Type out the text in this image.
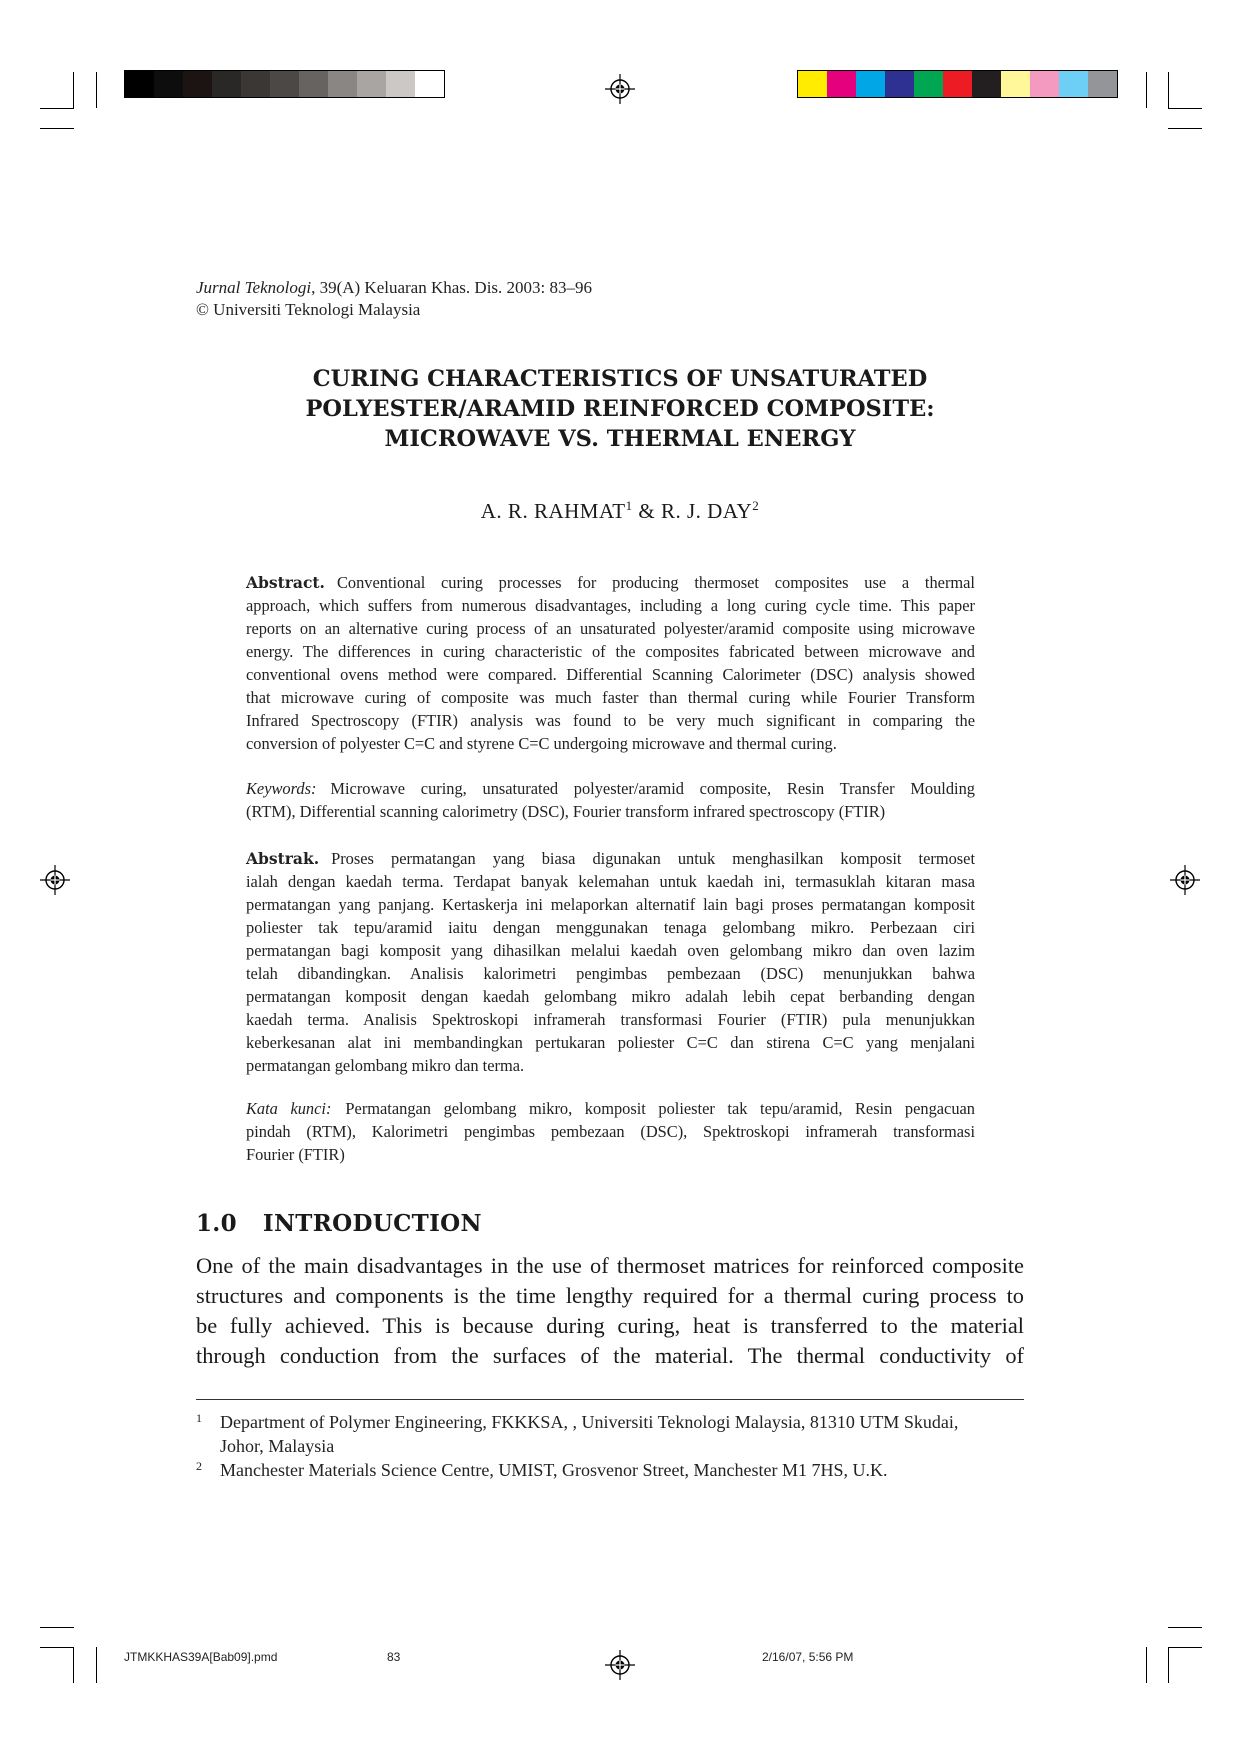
Jurnal Teknologi, 39(A) Keluaran Khas. Dis. 2003: 83–96
© Universiti Teknologi Malaysia
CURING CHARACTERISTICS OF UNSATURATED
POLYESTER/ARAMID REINFORCED COMPOSITE:
MICROWAVE VS. THERMAL ENERGY
A. R. RAHMAT$^1$ & R. J. DAY$^2$
Abstract. Conventional curing processes for producing thermoset composites use a thermal
approach, which suffers from numerous disadvantages, including a long curing cycle time. This paper
reports on an alternative curing process of an unsaturated polyester/aramid composite using microwave
energy. The differences in curing characteristic of the composites fabricated between microwave and
conventional ovens method were compared. Differential Scanning Calorimeter (DSC) analysis showed
that microwave curing of composite was much faster than thermal curing while Fourier Transform
Infrared Spectroscopy (FTIR) analysis was found to be very much significant in comparing the
conversion of polyester C=C and styrene C=C undergoing microwave and thermal curing.
Keywords: Microwave curing, unsaturated polyester/aramid composite, Resin Transfer Moulding
(RTM), Differential scanning calorimetry (DSC), Fourier transform infrared spectroscopy (FTIR)
Abstrak. Proses permatangan yang biasa digunakan untuk menghasilkan komposit termoset
ialah dengan kaedah terma. Terdapat banyak kelemahan untuk kaedah ini, termasuklah kitaran masa
permatangan yang panjang. Kertaskerja ini melaporkan alternatif lain bagi proses permatangan komposit
poliester tak tepu/aramid iaitu dengan menggunakan tenaga gelombang mikro. Perbezaan ciri
permatangan bagi komposit yang dihasilkan melalui kaedah oven gelombang mikro dan oven lazim
telah dibandingkan. Analisis kalorimetri pengimbas pembezaan (DSC) menunjukkan bahwa
permatangan komposit dengan kaedah gelombang mikro adalah lebih cepat berbanding dengan
kaedah terma. Analisis Spektroskopi inframerah transformasi Fourier (FTIR) pula menunjukkan
keberkesanan alat ini membandingkan pertukaran poliester C=C dan stirena C=C yang menjalani
permatangan gelombang mikro dan terma.
Kata kunci: Permatangan gelombang mikro, komposit poliester tak tepu/aramid, Resin pengacuan
pindah (RTM), Kalorimetri pengimbas pembezaan (DSC), Spektroskopi inframerah transformasi
Fourier (FTIR)
1.0 INTRODUCTION
One of the main disadvantages in the use of thermoset matrices for reinforced composite
structures and components is the time lengthy required for a thermal curing process to
be fully achieved. This is because during curing, heat is transferred to the material
through conduction from the surfaces of the material. The thermal conductivity of
1 Department of Polymer Engineering, FKKKSA, , Universiti Teknologi Malaysia, 81310 UTM Skudai,
Johor, Malaysia
2 Manchester Materials Science Centre, UMIST, Grosvenor Street, Manchester M1 7HS, U.K.
JTMKKHAS39A[Bab09].pmd	83	2/16/07, 5:56 PM
